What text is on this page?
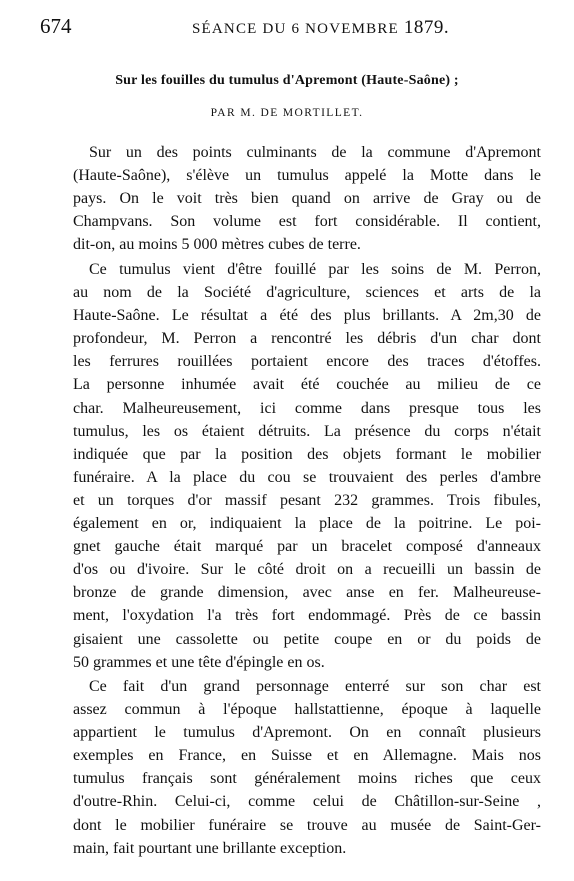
674	SÉANCE DU 6 NOVEMBRE 1879.
Sur les fouilles du tumulus d'Apremont (Haute-Saône) ;
PAR M. DE MORTILLET.
Sur un des points culminants de la commune d'Apremont
(Haute-Saône), s'élève un tumulus appelé la Motte dans le
pays. On le voit très bien quand on arrive de Gray ou de
Champvans. Son volume est fort considérable. Il contient,
dit-on, au moins 5 000 mètres cubes de terre.
Ce tumulus vient d'être fouillé par les soins de M. Perron,
au nom de la Société d'agriculture, sciences et arts de la
Haute-Saône. Le résultat a été des plus brillants. A 2m,30 de
profondeur, M. Perron a rencontré les débris d'un char dont
les ferrures rouillées portaient encore des traces d'étoffes.
La personne inhumée avait été couchée au milieu de ce
char. Malheureusement, ici comme dans presque tous les
tumulus, les os étaient détruits. La présence du corps n'était
indiquée que par la position des objets formant le mobilier
funéraire. A la place du cou se trouvaient des perles d'ambre
et un torques d'or massif pesant 232 grammes. Trois fibules,
également en or, indiquaient la place de la poitrine. Le poi-
gnet gauche était marqué par un bracelet composé d'anneaux
d'os ou d'ivoire. Sur le côté droit on a recueilli un bassin de
bronze de grande dimension, avec anse en fer. Malheureuse-
ment, l'oxydation l'a très fort endommagé. Près de ce bassin
gisaient une cassolette ou petite coupe en or du poids de
50 grammes et une tête d'épingle en os.
Ce fait d'un grand personnage enterré sur son char est
assez commun à l'époque hallstattienne, époque à laquelle
appartient le tumulus d'Apremont. On en connaît plusieurs
exemples en France, en Suisse et en Allemagne. Mais nos
tumulus français sont généralement moins riches que ceux
d'outre-Rhin. Celui-ci, comme celui de Châtillon-sur-Seine ,
dont le mobilier funéraire se trouve au musée de Saint-Ger-
main, fait pourtant une brillante exception.
